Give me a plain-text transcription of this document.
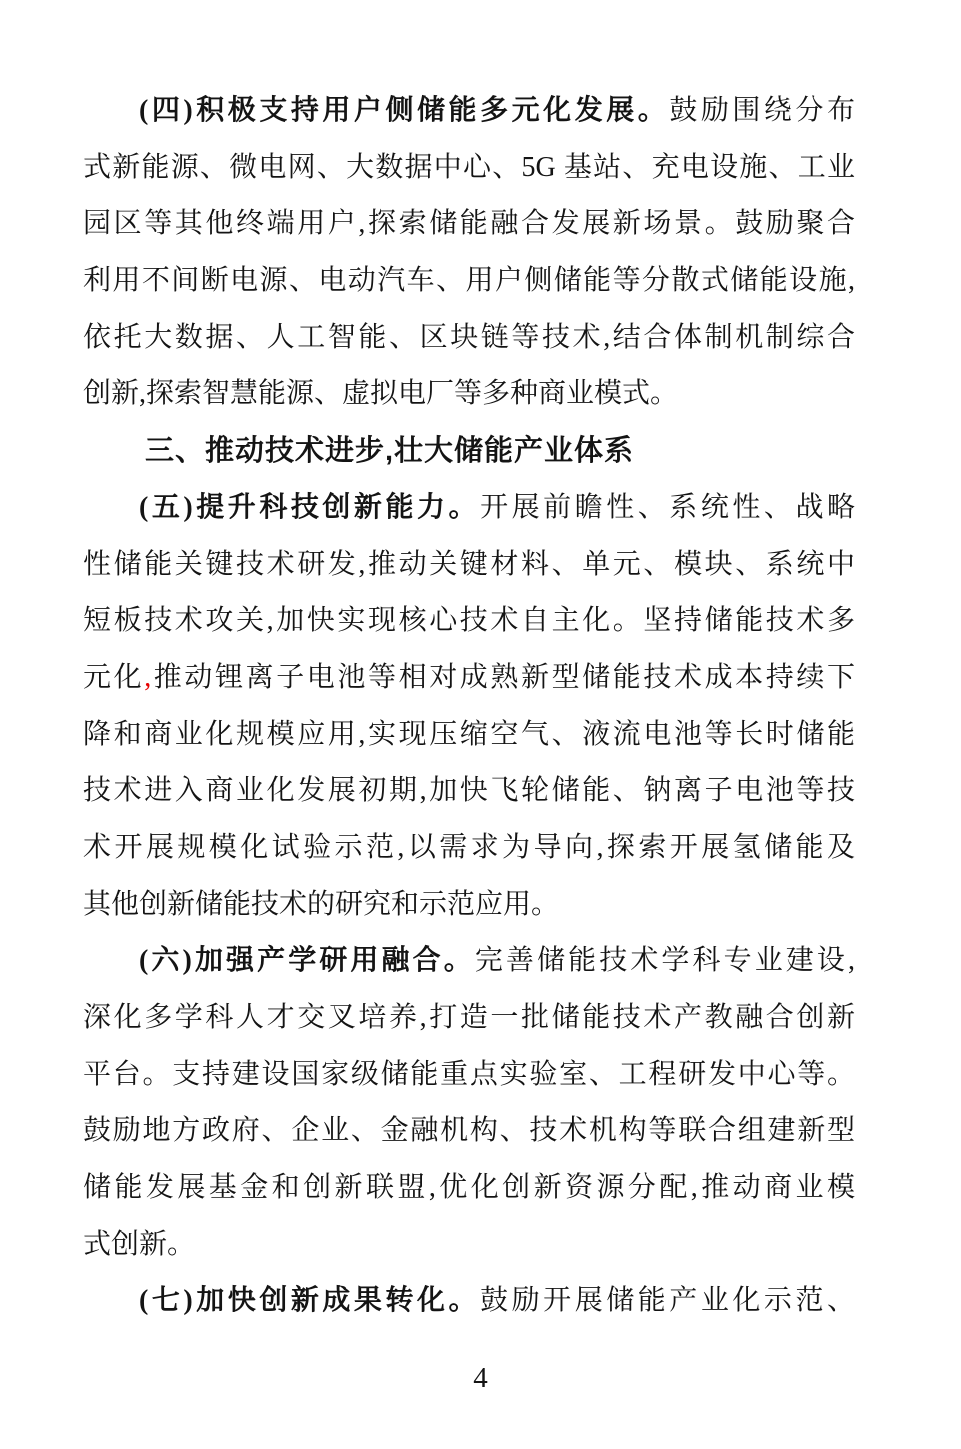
(四)积极支持用户侧储能多元化发展。鼓励围绕分布
式新能源、微电网、大数据中心、5G 基站、充电设施、工业
园区等其他终端用户,探索储能融合发展新场景。鼓励聚合
利用不间断电源、电动汽车、用户侧储能等分散式储能设施,
依托大数据、人工智能、区块链等技术,结合体制机制综合
创新,探索智慧能源、虚拟电厂等多种商业模式。
三、推动技术进步,壮大储能产业体系
(五)提升科技创新能力。开展前瞻性、系统性、战略
性储能关键技术研发,推动关键材料、单元、模块、系统中
短板技术攻关,加快实现核心技术自主化。坚持储能技术多
元化,推动锂离子电池等相对成熟新型储能技术成本持续下
降和商业化规模应用,实现压缩空气、液流电池等长时储能
技术进入商业化发展初期,加快飞轮储能、钠离子电池等技
术开展规模化试验示范,以需求为导向,探索开展氢储能及
其他创新储能技术的研究和示范应用。
(六)加强产学研用融合。完善储能技术学科专业建设,
深化多学科人才交叉培养,打造一批储能技术产教融合创新
平台。支持建设国家级储能重点实验室、工程研发中心等。
鼓励地方政府、企业、金融机构、技术机构等联合组建新型
储能发展基金和创新联盟,优化创新资源分配,推动商业模
式创新。
(七)加快创新成果转化。鼓励开展储能产业化示范、
4
